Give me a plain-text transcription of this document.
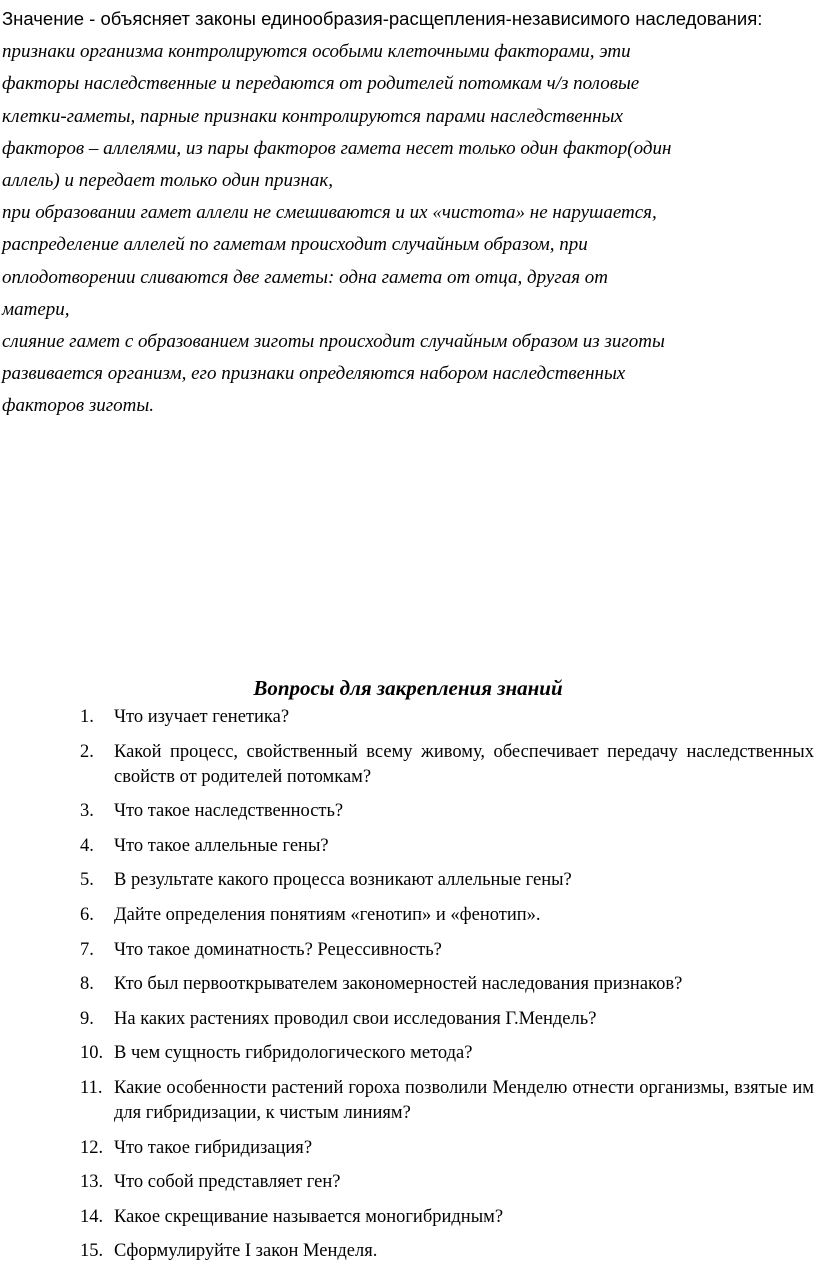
Значение - объясняет законы единообразия-расщепления-независимого наследования:
признаки организма контролируются особыми клеточными факторами, эти
факторы наследственные и передаются от родителей потомкам ч/з половые
клетки-гаметы, парные признаки контролируются парами наследственных
факторов – аллелями, из пары факторов гамета несет только один фактор(один
аллель) и передает только один признак,
при образовании гамет аллели не смешиваются и их «чистота» не нарушается,
распределение аллелей по гаметам происходит случайным образом, при
оплодотворении сливаются две гаметы: одна гамета от отца, другая от
матери,
слияние гамет с образованием зиготы происходит случайным образом из зиготы
развивается организм, его признаки определяются набором наследственных
факторов зиготы.
Вопросы для закрепления знаний
1.	Что изучает генетика?
2.	Какой процесс, свойственный всему живому, обеспечивает передачу наследственных свойств от родителей потомкам?
3.	Что такое наследственность?
4.	Что такое аллельные гены?
5.	В результате какого процесса возникают аллельные гены?
6.	Дайте определения понятиям «генотип» и «фенотип».
7.	Что такое доминатность? Рецессивность?
8.	Кто был первооткрывателем закономерностей наследования признаков?
9.	На каких растениях проводил свои исследования Г.Мендель?
10. В чем сущность гибридологического метода?
11. Какие особенности растений гороха позволили Менделю отнести организмы, взятые им для гибридизации, к чистым линиям?
12. Что такое гибридизация?
13. Что собой представляет ген?
14. Какое скрещивание называется моногибридным?
15. Сформулируйте I закон Менделя.
